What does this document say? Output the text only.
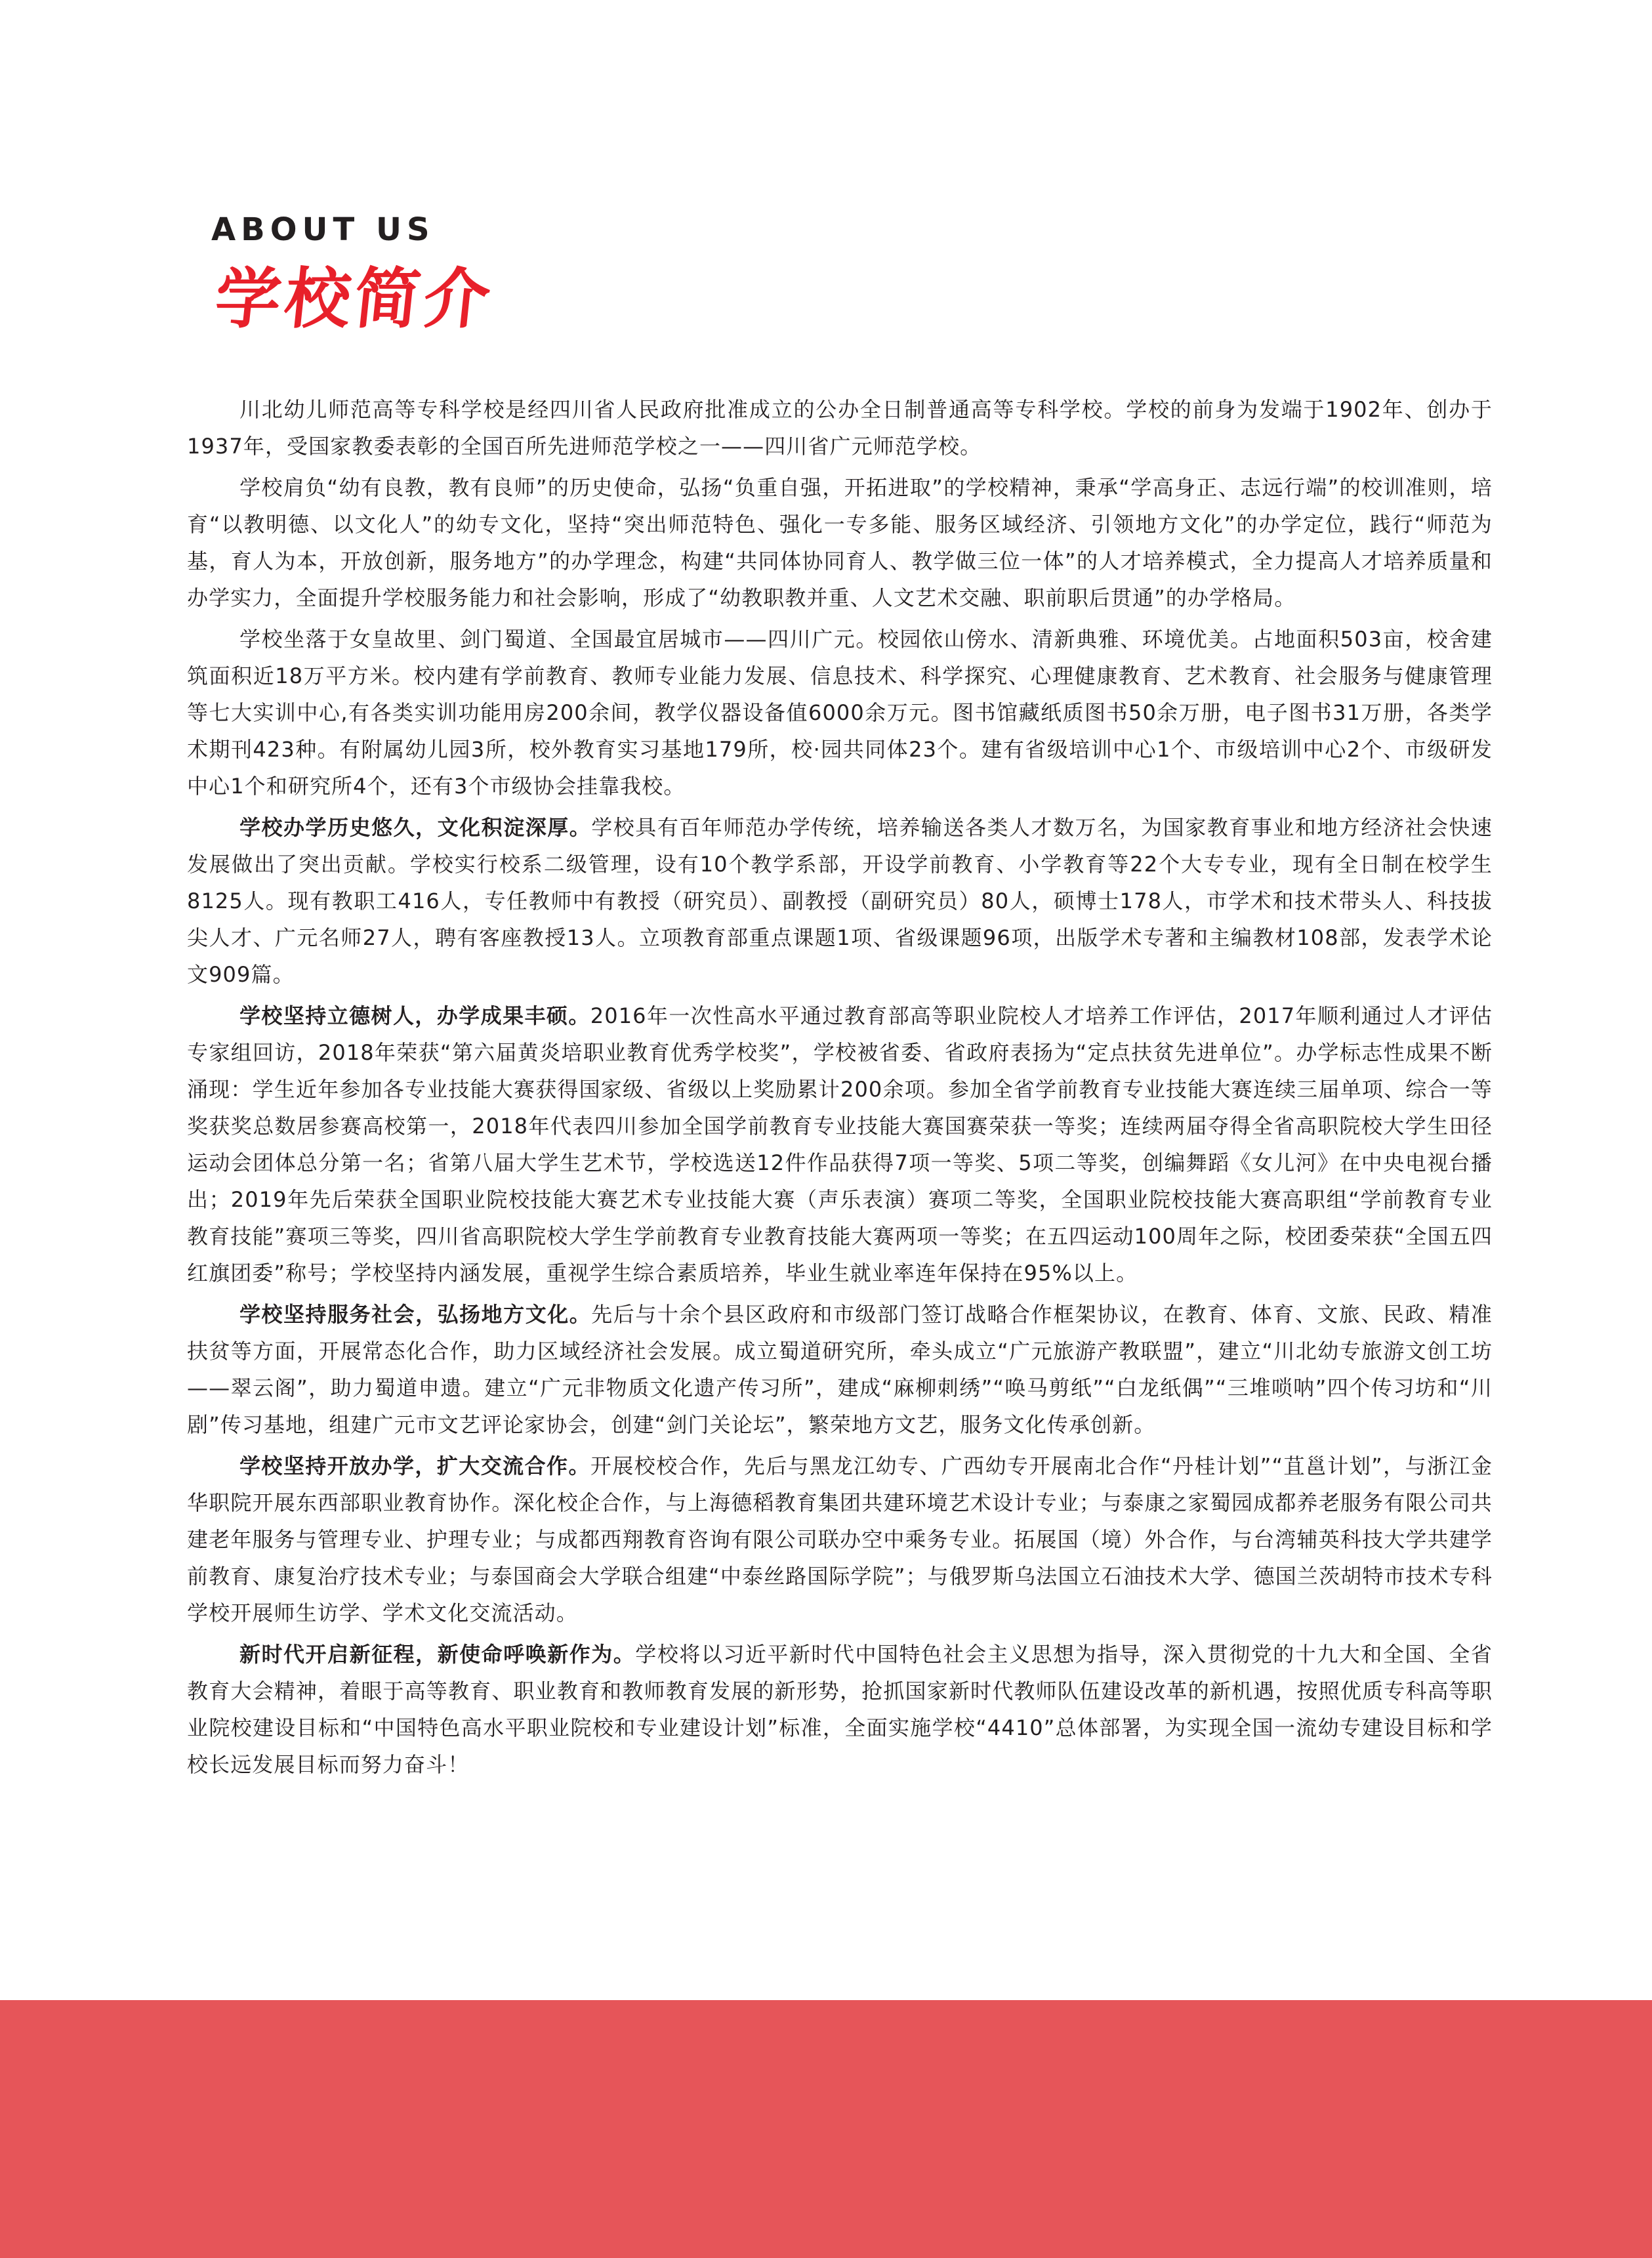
ABOUT US
学校简介

川北幼儿师范高等专科学校是经四川省人民政府批准成立的公办全日制普通高等专科学校。学校的前身为发端于1902年、创办于1937年，受国家教委表彰的全国百所先进师范学校之一——四川省广元师范学校。

学校肩负“幼有良教，教有良师”的历史使命，弘扬“负重自强，开拓进取”的学校精神，秉承“学高身正、志远行端”的校训准则，培育“以教明德、以文化人”的幼专文化，坚持“突出师范特色、强化一专多能、服务区域经济、引领地方文化”的办学定位，践行“师范为基，育人为本，开放创新，服务地方”的办学理念，构建“共同体协同育人、教学做三位一体”的人才培养模式，全力提高人才培养质量和办学实力，全面提升学校服务能力和社会影响，形成了“幼教职教并重、人文艺术交融、职前职后贯通”的办学格局。

学校坐落于女皇故里、剑门蜀道、全国最宜居城市——四川广元。校园依山傍水、清新典雅、环境优美。占地面积503亩，校舍建筑面积近18万平方米。校内建有学前教育、教师专业能力发展、信息技术、科学探究、心理健康教育、艺术教育、社会服务与健康管理等七大实训中心,有各类实训功能用房200余间，教学仪器设备值6000余万元。图书馆藏纸质图书50余万册，电子图书31万册，各类学术期刊423种。有附属幼儿园3所，校外教育实习基地179所，校·园共同体23个。建有省级培训中心1个、市级培训中心2个、市级研发中心1个和研究所4个，还有3个市级协会挂靠我校。

学校办学历史悠久，文化积淀深厚。学校具有百年师范办学传统，培养输送各类人才数万名，为国家教育事业和地方经济社会快速发展做出了突出贡献。学校实行校系二级管理，设有10个教学系部，开设学前教育、小学教育等22个大专专业，现有全日制在校学生8125人。现有教职工416人，专任教师中有教授（研究员）、副教授（副研究员）80人，硕博士178人，市学术和技术带头人、科技拔尖人才、广元名师27人，聘有客座教授13人。立项教育部重点课题1项、省级课题96项，出版学术专著和主编教材108部，发表学术论文909篇。

学校坚持立德树人，办学成果丰硕。2016年一次性高水平通过教育部高等职业院校人才培养工作评估，2017年顺利通过人才评估专家组回访，2018年荣获“第六届黄炎培职业教育优秀学校奖”，学校被省委、省政府表扬为“定点扶贫先进单位”。办学标志性成果不断涌现：学生近年参加各专业技能大赛获得国家级、省级以上奖励累计200余项。参加全省学前教育专业技能大赛连续三届单项、综合一等奖获奖总数居参赛高校第一，2018年代表四川参加全国学前教育专业技能大赛国赛荣获一等奖；连续两届夺得全省高职院校大学生田径运动会团体总分第一名；省第八届大学生艺术节，学校选送12件作品获得7项一等奖、5项二等奖，创编舞蹈《女儿河》在中央电视台播出；2019年先后荣获全国职业院校技能大赛艺术专业技能大赛（声乐表演）赛项二等奖，全国职业院校技能大赛高职组“学前教育专业教育技能”赛项三等奖，四川省高职院校大学生学前教育专业教育技能大赛两项一等奖；在五四运动100周年之际，校团委荣获“全国五四红旗团委”称号；学校坚持内涵发展，重视学生综合素质培养，毕业生就业率连年保持在95%以上。

学校坚持服务社会，弘扬地方文化。先后与十余个县区政府和市级部门签订战略合作框架协议，在教育、体育、文旅、民政、精准扶贫等方面，开展常态化合作，助力区域经济社会发展。成立蜀道研究所，牵头成立“广元旅游产教联盟”，建立“川北幼专旅游文创工坊——翠云阁”，助力蜀道申遗。建立“广元非物质文化遗产传习所”，建成“麻柳刺绣”“唤马剪纸”“白龙纸偶”“三堆唢呐”四个传习坊和“川剧”传习基地，组建广元市文艺评论家协会，创建“剑门关论坛”，繁荣地方文艺，服务文化传承创新。

学校坚持开放办学，扩大交流合作。开展校校合作，先后与黑龙江幼专、广西幼专开展南北合作“丹桂计划”“苴邕计划”，与浙江金华职院开展东西部职业教育协作。深化校企合作，与上海德稻教育集团共建环境艺术设计专业；与泰康之家蜀园成都养老服务有限公司共建老年服务与管理专业、护理专业；与成都西翔教育咨询有限公司联办空中乘务专业。拓展国（境）外合作，与台湾辅英科技大学共建学前教育、康复治疗技术专业；与泰国商会大学联合组建“中泰丝路国际学院”；与俄罗斯乌法国立石油技术大学、德国兰茨胡特市技术专科学校开展师生访学、学术文化交流活动。

新时代开启新征程，新使命呼唤新作为。学校将以习近平新时代中国特色社会主义思想为指导，深入贯彻党的十九大和全国、全省教育大会精神，着眼于高等教育、职业教育和教师教育发展的新形势，抢抓国家新时代教师队伍建设改革的新机遇，按照优质专科高等职业院校建设目标和“中国特色高水平职业院校和专业建设计划”标准，全面实施学校“4410”总体部署，为实现全国一流幼专建设目标和学校长远发展目标而努力奋斗！
